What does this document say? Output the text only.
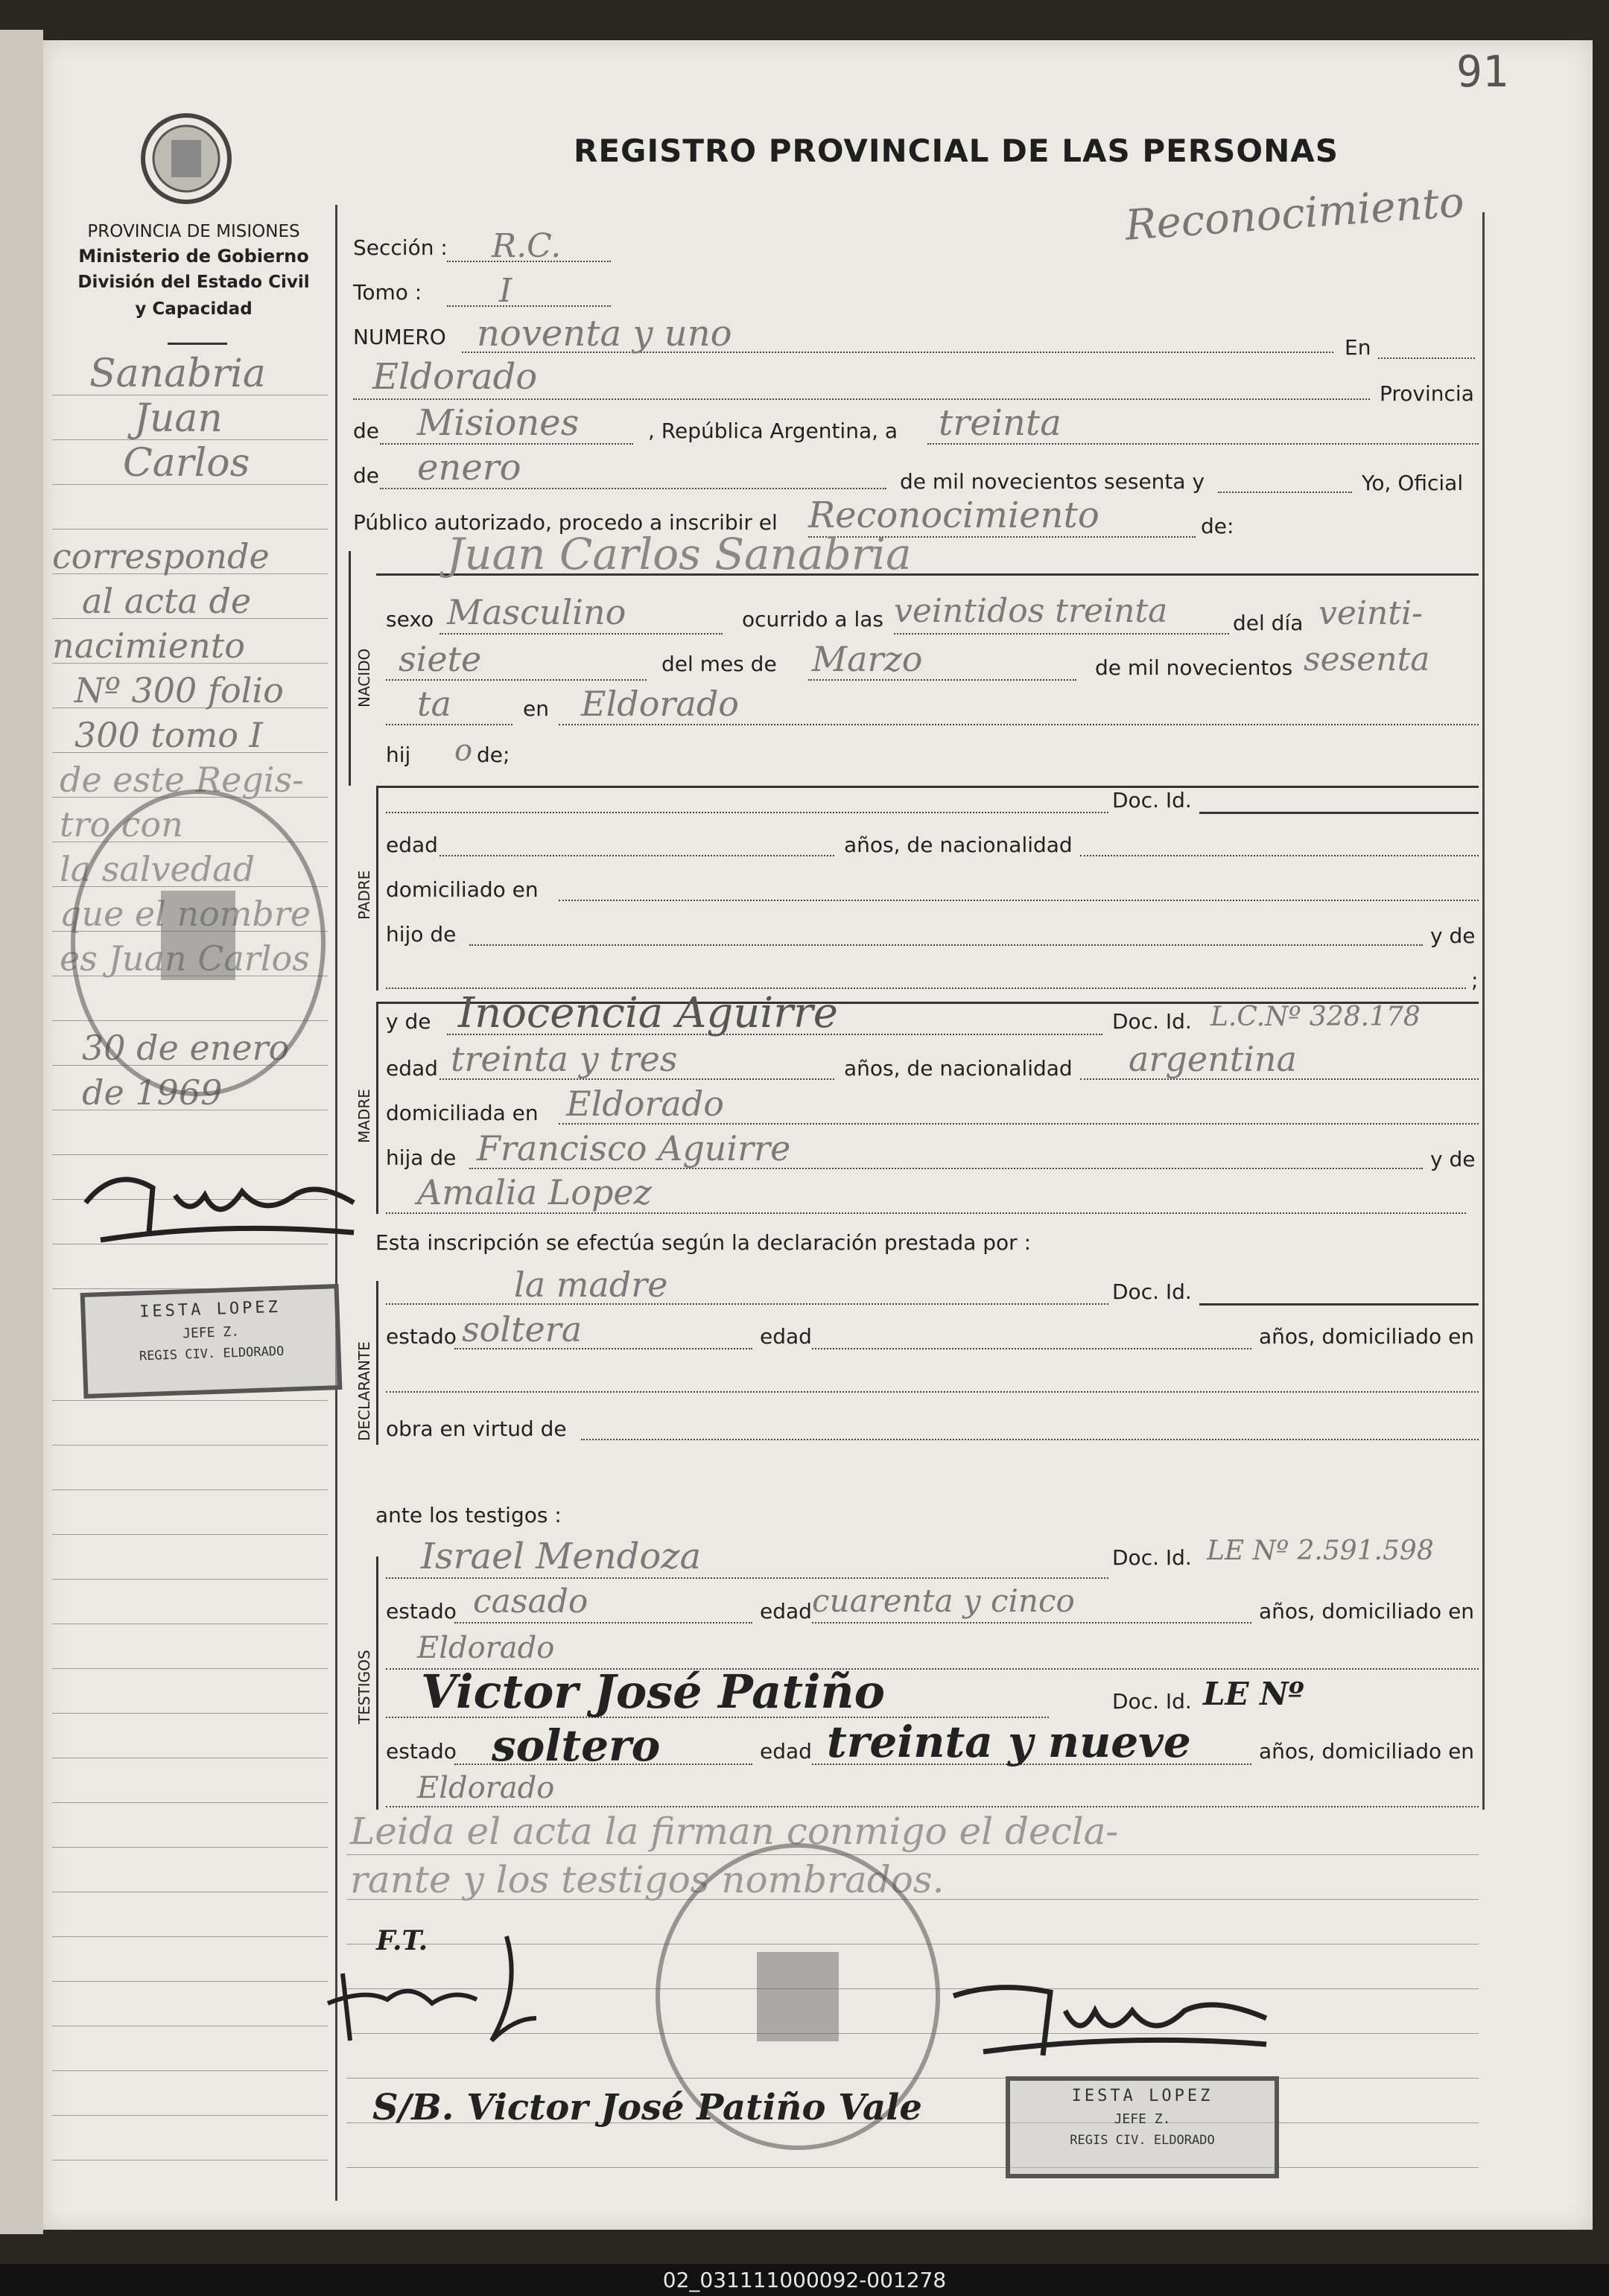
91
REGISTRO PROVINCIAL DE LAS PERSONAS
Reconocimiento
PROVINCIA DE MISIONES
Ministerio de Gobierno
División del Estado Civil
y Capacidad
Sanabria
Juan
Carlos
corresponde
al acta de
nacimiento
Nº 300 folio
300 tomo I
de este Regis-
tro con
la salvedad
que el nombre
es Juan Carlos
30 de enero
de 1969
IESTA LOPEZ
JEFE Z.
REGIS CIV. ELDORADO
Sección : R.C.
Tomo : I
NUMERO noventa y uno	En
Eldorado	Provincia
de Misiones	, República Argentina, a treinta
de enero	de mil novecientos sesenta y	Yo, Oficial
Público autorizado, procedo a inscribir el Reconocimiento	de:
NACIDO
Juan Carlos Sanabria
sexo Masculino	ocurrido a las veintidos treinta	del día veinti-
siete	del mes de Marzo	de mil novecientos sesenta
ta	en Eldorado
hij o de;
PADRE
Doc. Id.
edad	años, de nacionalidad
domiciliado en
hijo de	y de
;
MADRE
y de Inocencia Aguirre	Doc. Id. L.C.Nº 328.178
edad treinta y tres	años, de nacionalidad argentina
domiciliada en Eldorado
hija de Francisco Aguirre	y de
Amalia Lopez
Esta inscripción se efectúa según la declaración prestada por :
DECLARANTE
la madre	Doc. Id.
estado soltera	edad	años, domiciliado en
obra en virtud de
ante los testigos :
TESTIGOS
Israel Mendoza	Doc. Id. LE Nº 2.591.598
estado casado	edad cuarenta y cinco	años, domiciliado en
Eldorado
Victor José Patiño	Doc. Id. LE Nº
estado soltero	edad treinta y nueve	años, domiciliado en
Eldorado
Leida el acta la firman conmigo el decla-
rante y los testigos nombrados.
F.T.
IESTA LOPEZ
JEFE Z.
REGIS CIV. ELDORADO
S/B. Victor José Patiño Vale
02_031111000092-001278
